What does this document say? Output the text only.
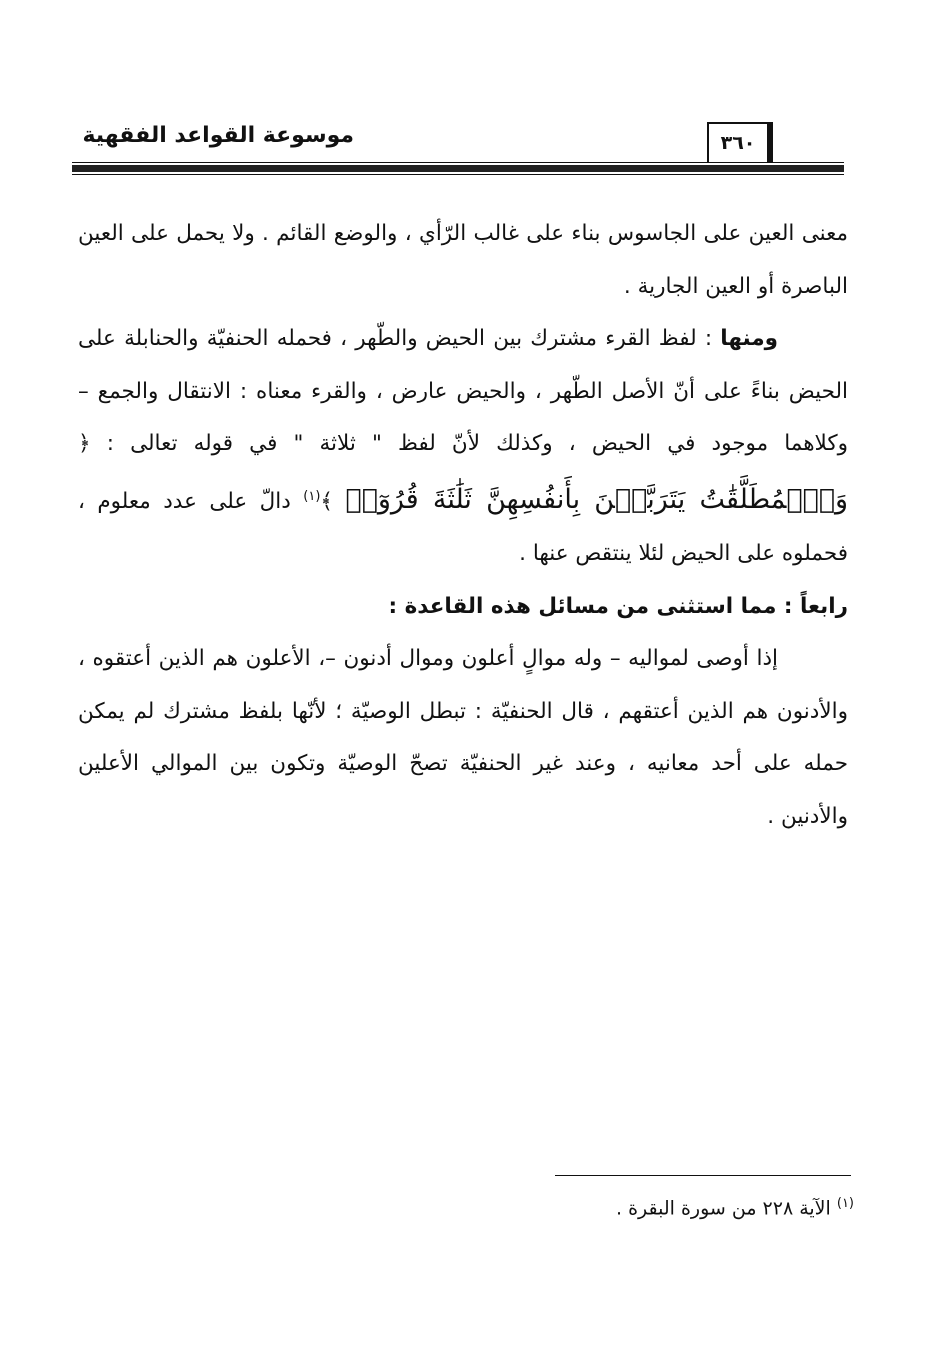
موسوعة القواعد الفقهية	٣٦٠

معنى العين على الجاسوس بناء على غالب الرّأي ، والوضع القائم . ولا يحمل على العين الباصرة أو العين الجارية .

ومنها : لفظ القرء مشترك بين الحيض والطّهر ، فحمله الحنفيّة والحنابلة على الحيض بناءً على أنّ الأصل الطّهر ، والحيض عارض ، والقرء معناه : الانتقال والجمع – وكلاهما موجود في الحيض ، وكذلك لأنّ لفظ " ثلاثة " في قوله تعالى : ﴿ وَٱلۡمُطَلَّقَٰتُ يَتَرَبَّصۡنَ بِأَنفُسِهِنَّ ثَلَٰثَةَ قُرُوٓءٖ ﴾$^{(١)}$ دالّ على عدد معلوم ، فحملوه على الحيض لئلا ينتقص عنها .

رابعاً : مما استثنى من مسائل هذه القاعدة :

إذا أوصى لمواليه – وله موالٍ أعلون وموال أدنون –، الأعلون هم الذين أعتقوه ، والأدنون هم الذين أعتقهم ، قال الحنفيّة : تبطل الوصيّة ؛ لأنّها بلفظ مشترك لم يمكن حمله على أحد معانيه ، وعند غير الحنفيّة تصحّ الوصيّة وتكون بين الموالي الأعلين والأدنين .

$^{(١)}$ الآية ٢٢٨ من سورة البقرة .
